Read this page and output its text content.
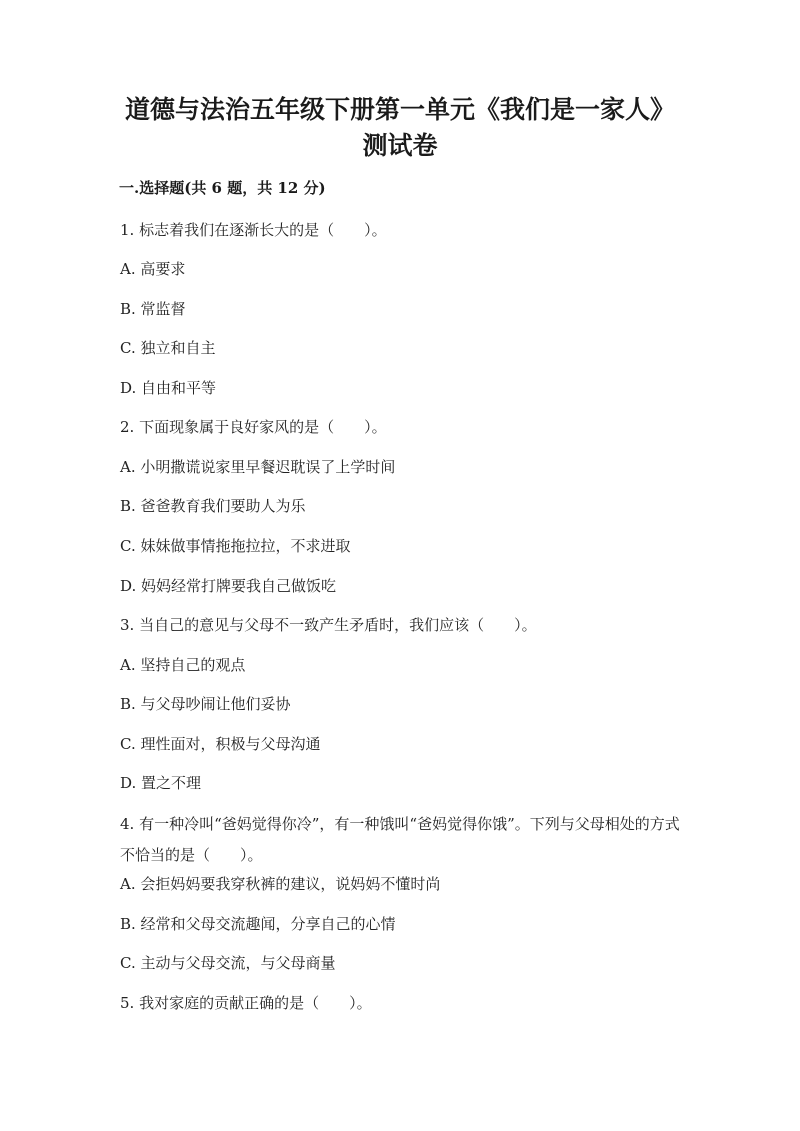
道德与法治五年级下册第一单元《我们是一家人》
测试卷
一.选择题(共 6 题，共 12 分)
1. 标志着我们在逐渐长大的是（　　）。
A. 高要求
B. 常监督
C. 独立和自主
D. 自由和平等
2. 下面现象属于良好家风的是（　　）。
A. 小明撒谎说家里早餐迟耽误了上学时间
B. 爸爸教育我们要助人为乐
C. 妹妹做事情拖拖拉拉，不求进取
D. 妈妈经常打牌要我自己做饭吃
3. 当自己的意见与父母不一致产生矛盾时，我们应该（　　）。
A. 坚持自己的观点
B. 与父母吵闹让他们妥协
C. 理性面对，积极与父母沟通
D. 置之不理
4. 有一种冷叫“爸妈觉得你冷”，有一种饿叫“爸妈觉得你饿”。下列与父母相处的方式不恰当的是（　　）。
A. 会拒妈妈要我穿秋裤的建议，说妈妈不懂时尚
B. 经常和父母交流趣闻，分享自己的心情
C. 主动与父母交流，与父母商量
5. 我对家庭的贡献正确的是（　　）。
